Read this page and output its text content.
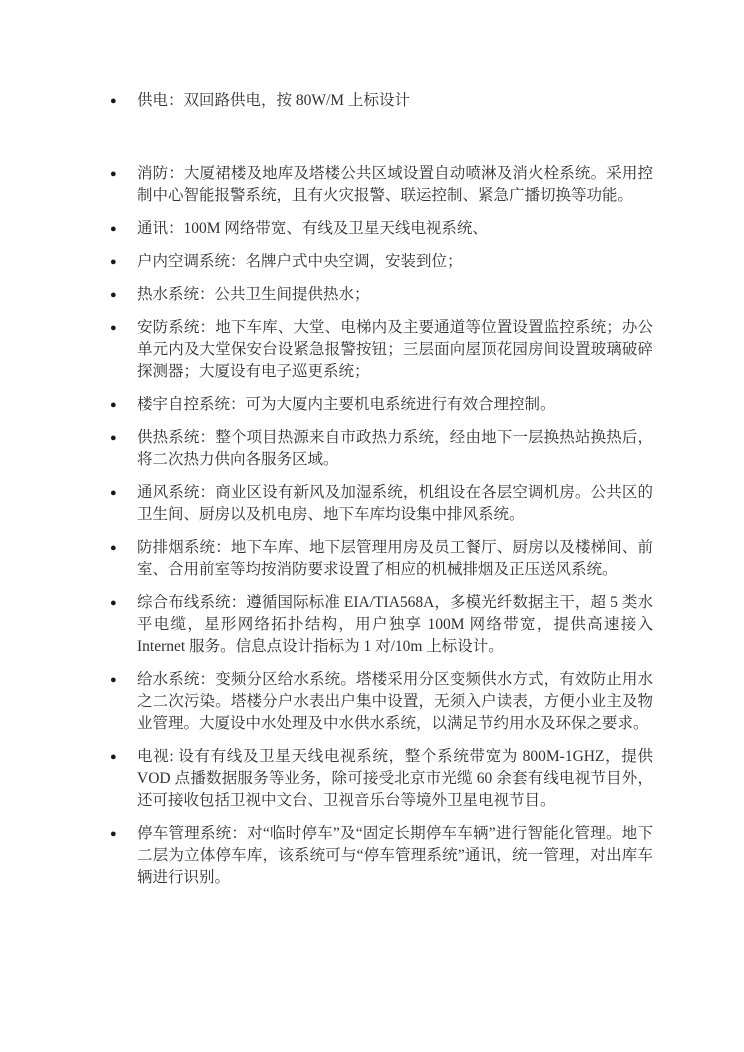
●	供电：双回路供电，按 80W/M 上标设计
●	消防：大厦裙楼及地库及塔楼公共区域设置自动喷淋及消火栓系统。采用控制中心智能报警系统，且有火灾报警、联运控制、紧急广播切换等功能。
●	通讯：100M 网络带宽、有线及卫星天线电视系统、
●	户内空调系统：名牌户式中央空调，安装到位；
●	热水系统：公共卫生间提供热水；
●	安防系统：地下车库、大堂、电梯内及主要通道等位置设置监控系统；办公单元内及大堂保安台设紧急报警按钮；三层面向屋顶花园房间设置玻璃破碎探测器；大厦设有电子巡更系统；
●	楼宇自控系统：可为大厦内主要机电系统进行有效合理控制。
●	供热系统：整个项目热源来自市政热力系统，经由地下一层换热站换热后，将二次热力供向各服务区域。
●	通风系统：商业区设有新风及加湿系统，机组设在各层空调机房。公共区的卫生间、厨房以及机电房、地下车库均设集中排风系统。
●	防排烟系统：地下车库、地下层管理用房及员工餐厅、厨房以及楼梯间、前室、合用前室等均按消防要求设置了相应的机械排烟及正压送风系统。
●	综合布线系统：遵循国际标准 EIA/TIA568A，多模光纤数据主干，超 5 类水平电缆，星形网络拓扑结构，用户独享 100M 网络带宽，提供高速接入 Internet 服务。信息点设计指标为 1 对/10m 上标设计。
●	给水系统：变频分区给水系统。塔楼采用分区变频供水方式，有效防止用水之二次污染。塔楼分户水表出户集中设置，无须入户读表，方便小业主及物业管理。大厦设中水处理及中水供水系统，以满足节约用水及环保之要求。
●	电视: 设有有线及卫星天线电视系统，整个系统带宽为 800M-1GHZ，提供 VOD 点播数据服务等业务，除可接受北京市光缆 60 余套有线电视节目外，还可接收包括卫视中文台、卫视音乐台等境外卫星电视节目。
●	停车管理系统：对“临时停车”及“固定长期停车车辆”进行智能化管理。地下二层为立体停车库，该系统可与“停车管理系统”通讯，统一管理，对出库车辆进行识别。
